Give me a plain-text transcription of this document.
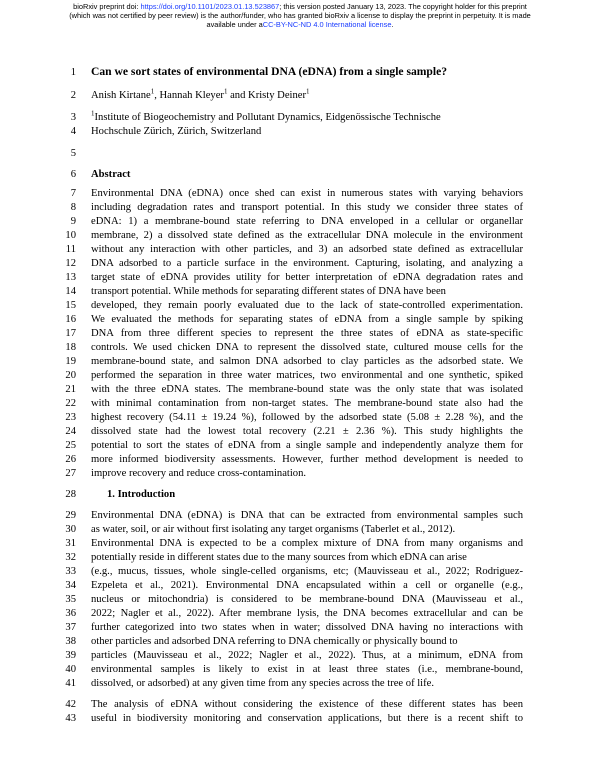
bioRxiv preprint doi: https://doi.org/10.1101/2023.01.13.523867; this version posted January 13, 2023. The copyright holder for this preprint
(which was not certified by peer review) is the author/funder, who has granted bioRxiv a license to display the preprint in perpetuity. It is made
available under aCC-BY-NC-ND 4.0 International license.
1
2
3
4
5
6
7
8
9
10
11
12
13
14
15
16
17
18
19
20
21
22
23
24
25
26
27
28
29
30
31
32
33
34
35
36
37
38
39
40
41
42
43
Can we sort states of environmental DNA (eDNA) from a single sample?
Anish Kirtane$^1$, Hannah Kleyer$^1$ and Kristy Deiner$^1$
$^1$Institute of Biogeochemistry and Pollutant Dynamics, Eidgenössische Technische
Hochschule Zürich, Zürich, Switzerland
Abstract
Environmental DNA (eDNA) once shed can exist in numerous states with varying behaviors
including degradation rates and transport potential. In this study we consider three states of
eDNA: 1) a membrane-bound state referring to DNA enveloped in a cellular or organellar
membrane, 2) a dissolved state defined as the extracellular DNA molecule in the environment
without any interaction with other particles, and 3) an adsorbed state defined as extracellular
DNA adsorbed to a particle surface in the environment. Capturing, isolating, and analyzing a
target state of eDNA provides utility for better interpretation of eDNA degradation rates and
transport potential. While methods for separating different states of DNA have been
developed, they remain poorly evaluated due to the lack of state-controlled experimentation.
We evaluated the methods for separating states of eDNA from a single sample by spiking
DNA from three different species to represent the three states of eDNA as state-specific
controls. We used chicken DNA to represent the dissolved state, cultured mouse cells for the
membrane-bound state, and salmon DNA adsorbed to clay particles as the adsorbed state. We
performed the separation in three water matrices, two environmental and one synthetic, spiked
with the three eDNA states. The membrane-bound state was the only state that was isolated
with minimal contamination from non-target states. The membrane-bound state also had the
highest recovery (54.11 ± 19.24 %), followed by the adsorbed state (5.08 ± 2.28 %), and the
dissolved state had the lowest total recovery (2.21 ± 2.36 %). This study highlights the
potential to sort the states of eDNA from a single sample and independently analyze them for
more informed biodiversity assessments. However, further method development is needed to
improve recovery and reduce cross-contamination.
1. Introduction
Environmental DNA (eDNA) is DNA that can be extracted from environmental samples such
as water, soil, or air without first isolating any target organisms (Taberlet et al., 2012).
Environmental DNA is expected to be a complex mixture of DNA from many organisms and
potentially reside in different states due to the many sources from which eDNA can arise
(e.g., mucus, tissues, whole single-celled organisms, etc; (Mauvisseau et al., 2022; Rodriguez-
Ezpeleta et al., 2021). Environmental DNA encapsulated within a cell or organelle (e.g.,
nucleus or mitochondria) is considered to be membrane-bound DNA (Mauvisseau et al.,
2022; Nagler et al., 2022). After membrane lysis, the DNA becomes extracellular and can be
further categorized into two states when in water; dissolved DNA having no interactions with
other particles and adsorbed DNA referring to DNA chemically or physically bound to
particles (Mauvisseau et al., 2022; Nagler et al., 2022). Thus, at a minimum, eDNA from
environmental samples is likely to exist in at least three states (i.e., membrane-bound,
dissolved, or adsorbed) at any given time from any species across the tree of life.
The analysis of eDNA without considering the existence of these different states has been
useful in biodiversity monitoring and conservation applications, but there is a recent shift to
